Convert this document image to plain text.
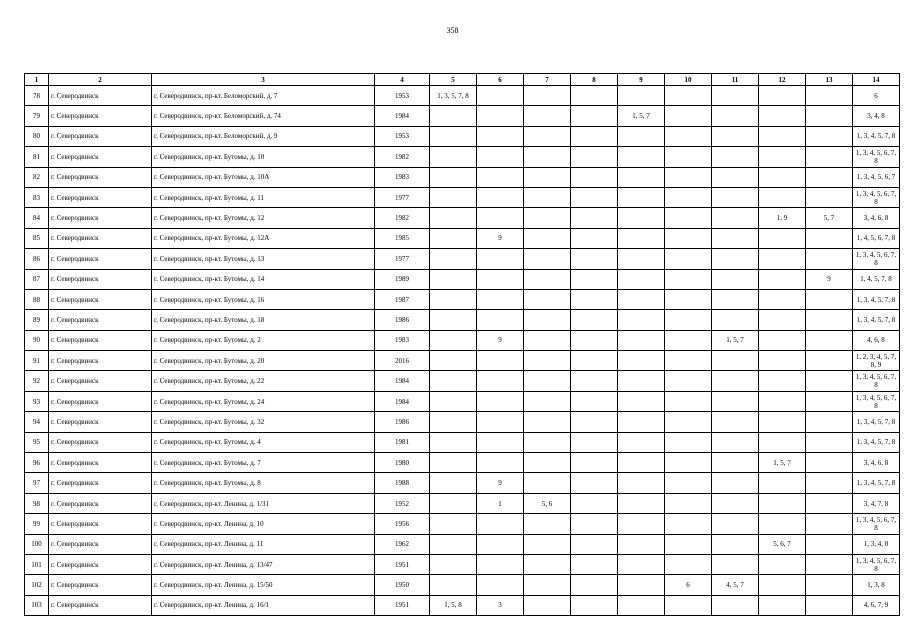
358
1	2	3	4	5	6	7	8	9	10	11	12	13	14
78	г. Северодвинск	г. Северодвинск, пр-кт. Беломорский, д. 7	1953	1, 3, 5, 7, 8									6
79	г. Северодвинск	г. Северодвинск, пр-кт. Беломорский, д. 74	1984					1, 5, 7					3, 4, 8
80	г. Северодвинск	г. Северодвинск, пр-кт. Беломорский, д. 9	1953										1, 3, 4, 5, 7, 8
81	г. Северодвинск	г. Северодвинск, пр-кт. Бутомы, д. 10	1982										1, 3, 4, 5, 6, 7, 8
82	г. Северодвинск	г. Северодвинск, пр-кт. Бутомы, д. 10А	1983										1, 3, 4, 5, 6, 7
83	г. Северодвинск	г. Северодвинск, пр-кт. Бутомы, д. 11	1977										1, 3, 4, 5, 6, 7, 8
84	г. Северодвинск	г. Северодвинск, пр-кт. Бутомы, д. 12	1982								1, 9	5, 7	3, 4, 6, 8
85	г. Северодвинск	г. Северодвинск, пр-кт. Бутомы, д. 12А	1985		9								1, 4, 5, 6, 7, 8
86	г. Северодвинск	г. Северодвинск, пр-кт. Бутомы, д. 13	1977										1, 3, 4, 5, 6, 7, 8
87	г. Северодвинск	г. Северодвинск, пр-кт. Бутомы, д. 14	1989									9	1, 4, 5, 7, 8
88	г. Северодвинск	г. Северодвинск, пр-кт. Бутомы, д. 16	1987										1, 3, 4, 5, 7, 8
89	г. Северодвинск	г. Северодвинск, пр-кт. Бутомы, д. 18	1986										1, 3, 4, 5, 7, 8
90	г. Северодвинск	г. Северодвинск, пр-кт. Бутомы, д. 2	1983		9					1, 5, 7			4, 6, 8
91	г. Северодвинск	г. Северодвинск, пр-кт. Бутомы, д. 20	2016										1, 2, 3, 4, 5, 7, 8, 9
92	г. Северодвинск	г. Северодвинск, пр-кт. Бутомы, д. 22	1984										1, 3, 4, 5, 6, 7, 8
93	г. Северодвинск	г. Северодвинск, пр-кт. Бутомы, д. 24	1984										1, 3, 4, 5, 6, 7, 8
94	г. Северодвинск	г. Северодвинск, пр-кт. Бутомы, д. 32	1986										1, 3, 4, 5, 7, 8
95	г. Северодвинск	г. Северодвинск, пр-кт. Бутомы, д. 4	1981										1, 3, 4, 5, 7, 8
96	г. Северодвинск	г. Северодвинск, пр-кт. Бутомы, д. 7	1980								1, 5, 7		3, 4, 6, 8
97	г. Северодвинск	г. Северодвинск, пр-кт. Бутомы, д. 8	1988		9								1, 3, 4, 5, 7, 8
98	г. Северодвинск	г. Северодвинск, пр-кт. Ленина, д. 1/31	1952		1	5, 6							3, 4, 7, 8
99	г. Северодвинск	г. Северодвинск, пр-кт. Ленина, д. 10	1956										1, 3, 4, 5, 6, 7, 8
100	г. Северодвинск	г. Северодвинск, пр-кт. Ленина, д. 11	1962								5, 6, 7		1, 3, 4, 8
101	г. Северодвинск	г. Северодвинск, пр-кт. Ленина, д. 13/47	1951										1, 3, 4, 5, 6, 7, 8
102	г. Северодвинск	г. Северодвинск, пр-кт. Ленина, д. 15/50	1950						6	4, 5, 7			1, 3, 8
103	г. Северодвинск	г. Северодвинск, пр-кт. Ленина, д. 16/1	1951	1, 5, 8	3								4, 6, 7, 9
